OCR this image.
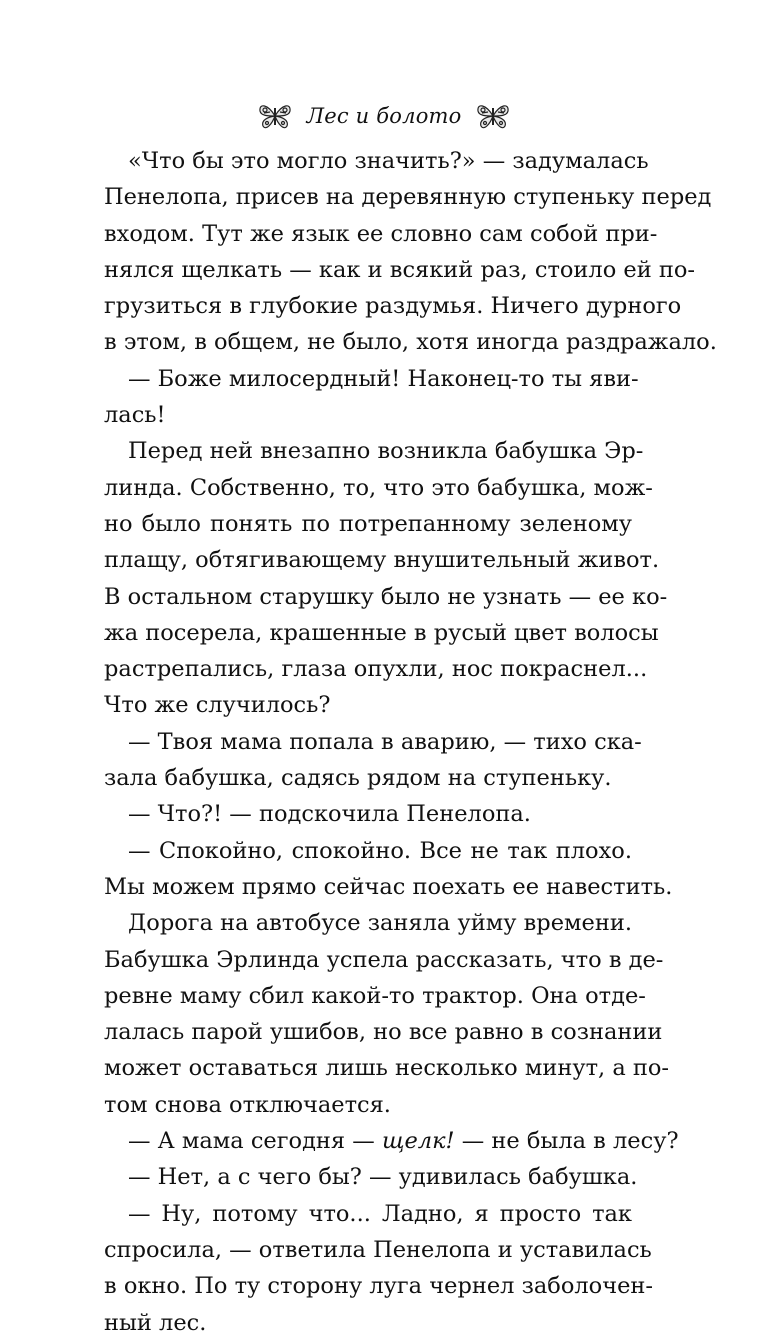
Лес и болото
«Что бы это могло значить?» — задумалась
Пенелопа, присев на деревянную ступеньку перед
входом. Тут же язык ее словно сам собой при-
нялся щелкать — как и всякий раз, стоило ей по-
грузиться в глубокие раздумья. Ничего дурного
в этом, в общем, не было, хотя иногда раздражало.
— Боже милосердный! Наконец-то ты яви-
лась!
Перед ней внезапно возникла бабушка Эр-
линда. Собственно, то, что это бабушка, мож-
но было понять по потрепанному зеленому
плащу, обтягивающему внушительный живот.
В остальном старушку было не узнать — ее ко-
жа посерела, крашенные в русый цвет волосы
растрепались, глаза опухли, нос покраснел...
Что же случилось?
— Твоя мама попала в аварию, — тихо ска-
зала бабушка, садясь рядом на ступеньку.
— Что?! — подскочила Пенелопа.
— Спокойно, спокойно. Все не так плохо.
Мы можем прямо сейчас поехать ее навестить.
Дорога на автобусе заняла уйму времени.
Бабушка Эрлинда успела рассказать, что в де-
ревне маму сбил какой-то трактор. Она отде-
лалась парой ушибов, но все равно в сознании
может оставаться лишь несколько минут, а по-
том снова отключается.
— А мама сегодня — щелк! — не была в лесу?
— Нет, а с чего бы? — удивилась бабушка.
— Ну, потому что... Ладно, я просто так
спросила, — ответила Пенелопа и уставилась
в окно. По ту сторону луга чернел заболочен-
ный лес.
